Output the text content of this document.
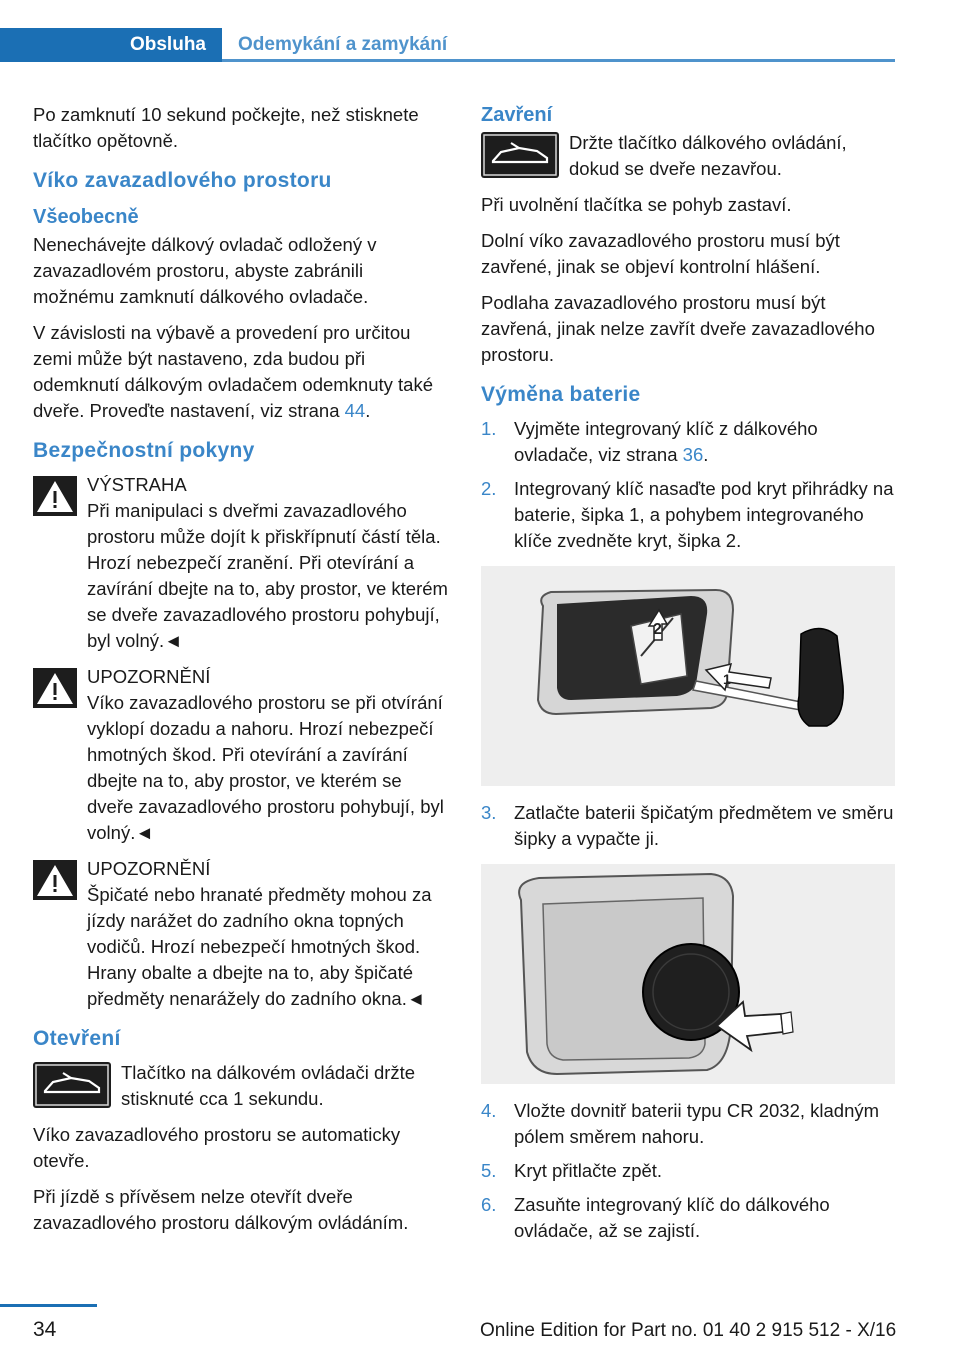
Obsluha	Odemykání a zamykání

Po zamknutí 10 sekund počkejte, než stisknete tlačítko opětovně.

Víko zavazadlového prostoru
Všeobecně

Nenechávejte dálkový ovladač odložený v zavazadlovém prostoru, abyste zabránili možnému zamknutí dálkového ovladače.

V závislosti na výbavě a provedení pro určitou zemi může být nastaveno, zda budou při odemknutí dálkovým ovladačem odemknuty také dveře. Proveďte nastavení, viz strana 44.

Bezpečnostní pokyny
VÝSTRAHA
Při manipulaci s dveřmi zavazadlového prostoru může dojít k přiskřípnutí částí těla. Hrozí nebezpečí zranění. Při otevírání a zavírání dbejte na to, aby prostor, ve kterém se dveře zavazadlového prostoru pohybují, byl volný.◄
UPOZORNĚNÍ
Víko zavazadlového prostoru se při otvírání vyklopí dozadu a nahoru. Hrozí nebezpečí hmotných škod. Při otevírání a zavírání dbejte na to, aby prostor, ve kterém se dveře zavazadlového prostoru pohybují, byl volný.◄
UPOZORNĚNÍ
Špičaté nebo hranaté předměty mohou za jízdy narážet do zadního okna topných vodičů. Hrozí nebezpečí hmotných škod. Hrany obalte a dbejte na to, aby špičaté předměty nenarážely do zadního okna.◄
Otevření
Tlačítko na dálkovém ovládači držte stisknuté cca 1 sekundu.

Víko zavazadlového prostoru se automaticky otevře.

Při jízdě s přívěsem nelze otevřít dveře zavazadlového prostoru dálkovým ovládáním.

Zavření
Držte tlačítko dálkového ovládání, dokud se dveře nezavřou.

Při uvolnění tlačítka se pohyb zastaví.

Dolní víko zavazadlového prostoru musí být zavřené, jinak se objeví kontrolní hlášení.

Podlaha zavazadlového prostoru musí být zavřená, jinak nelze zavřít dveře zavazadlového prostoru.

Výměna baterie
1. Vyjměte integrovaný klíč z dálkového ovladače, viz strana 36.
2. Integrovaný klíč nasaďte pod kryt přihrádky na baterie, šipka 1, a pohybem integrovaného klíče zvedněte kryt, šipka 2.
2
1
3. Zatlačte baterii špičatým předmětem ve směru šipky a vypačte ji.
4. Vložte dovnitř baterii typu CR 2032, kladným pólem směrem nahoru.
5. Kryt přitlačte zpět.
6. Zasuňte integrovaný klíč do dálkového ovládače, až se zajistí.
34	Online Edition for Part no. 01 40 2 915 512 - X/16
